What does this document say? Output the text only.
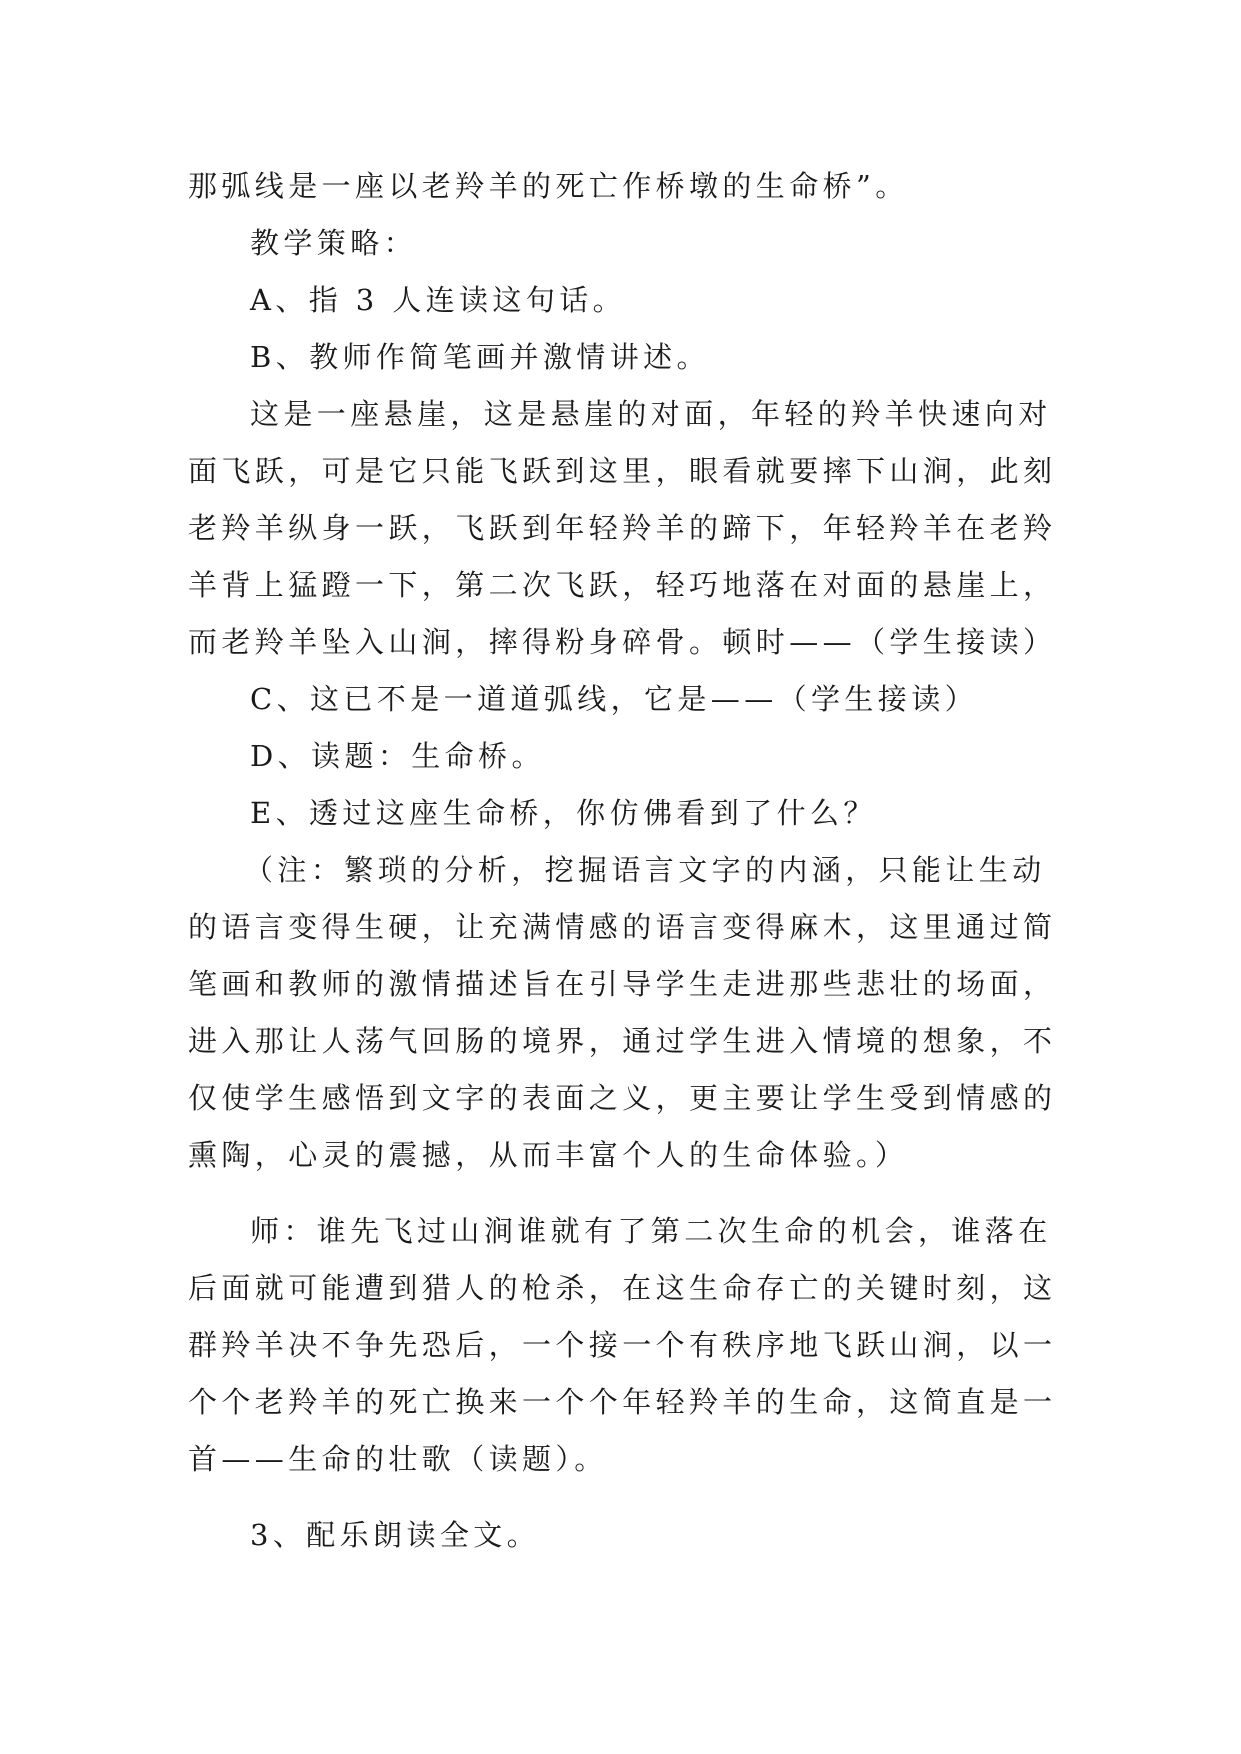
那弧线是一座以老羚羊的死亡作桥墩的生命桥”。
教学策略：
A、指 3 人连读这句话。
B、教师作简笔画并激情讲述。
这是一座悬崖，这是悬崖的对面，年轻的羚羊快速向对
面飞跃，可是它只能飞跃到这里，眼看就要摔下山涧，此刻
老羚羊纵身一跃，飞跃到年轻羚羊的蹄下，年轻羚羊在老羚
羊背上猛蹬一下，第二次飞跃，轻巧地落在对面的悬崖上，
而老羚羊坠入山涧，摔得粉身碎骨。顿时——（学生接读）
C、这已不是一道道弧线，它是——（学生接读）
D、读题：生命桥。
E、透过这座生命桥，你仿佛看到了什么？
（注：繁琐的分析，挖掘语言文字的内涵，只能让生动
的语言变得生硬，让充满情感的语言变得麻木，这里通过简
笔画和教师的激情描述旨在引导学生走进那些悲壮的场面，
进入那让人荡气回肠的境界，通过学生进入情境的想象，不
仅使学生感悟到文字的表面之义，更主要让学生受到情感的
熏陶，心灵的震撼，从而丰富个人的生命体验。）
师：谁先飞过山涧谁就有了第二次生命的机会，谁落在
后面就可能遭到猎人的枪杀，在这生命存亡的关键时刻，这
群羚羊决不争先恐后，一个接一个有秩序地飞跃山涧，以一
个个老羚羊的死亡换来一个个年轻羚羊的生命，这简直是一
首——生命的壮歌（读题）。
3、配乐朗读全文。
